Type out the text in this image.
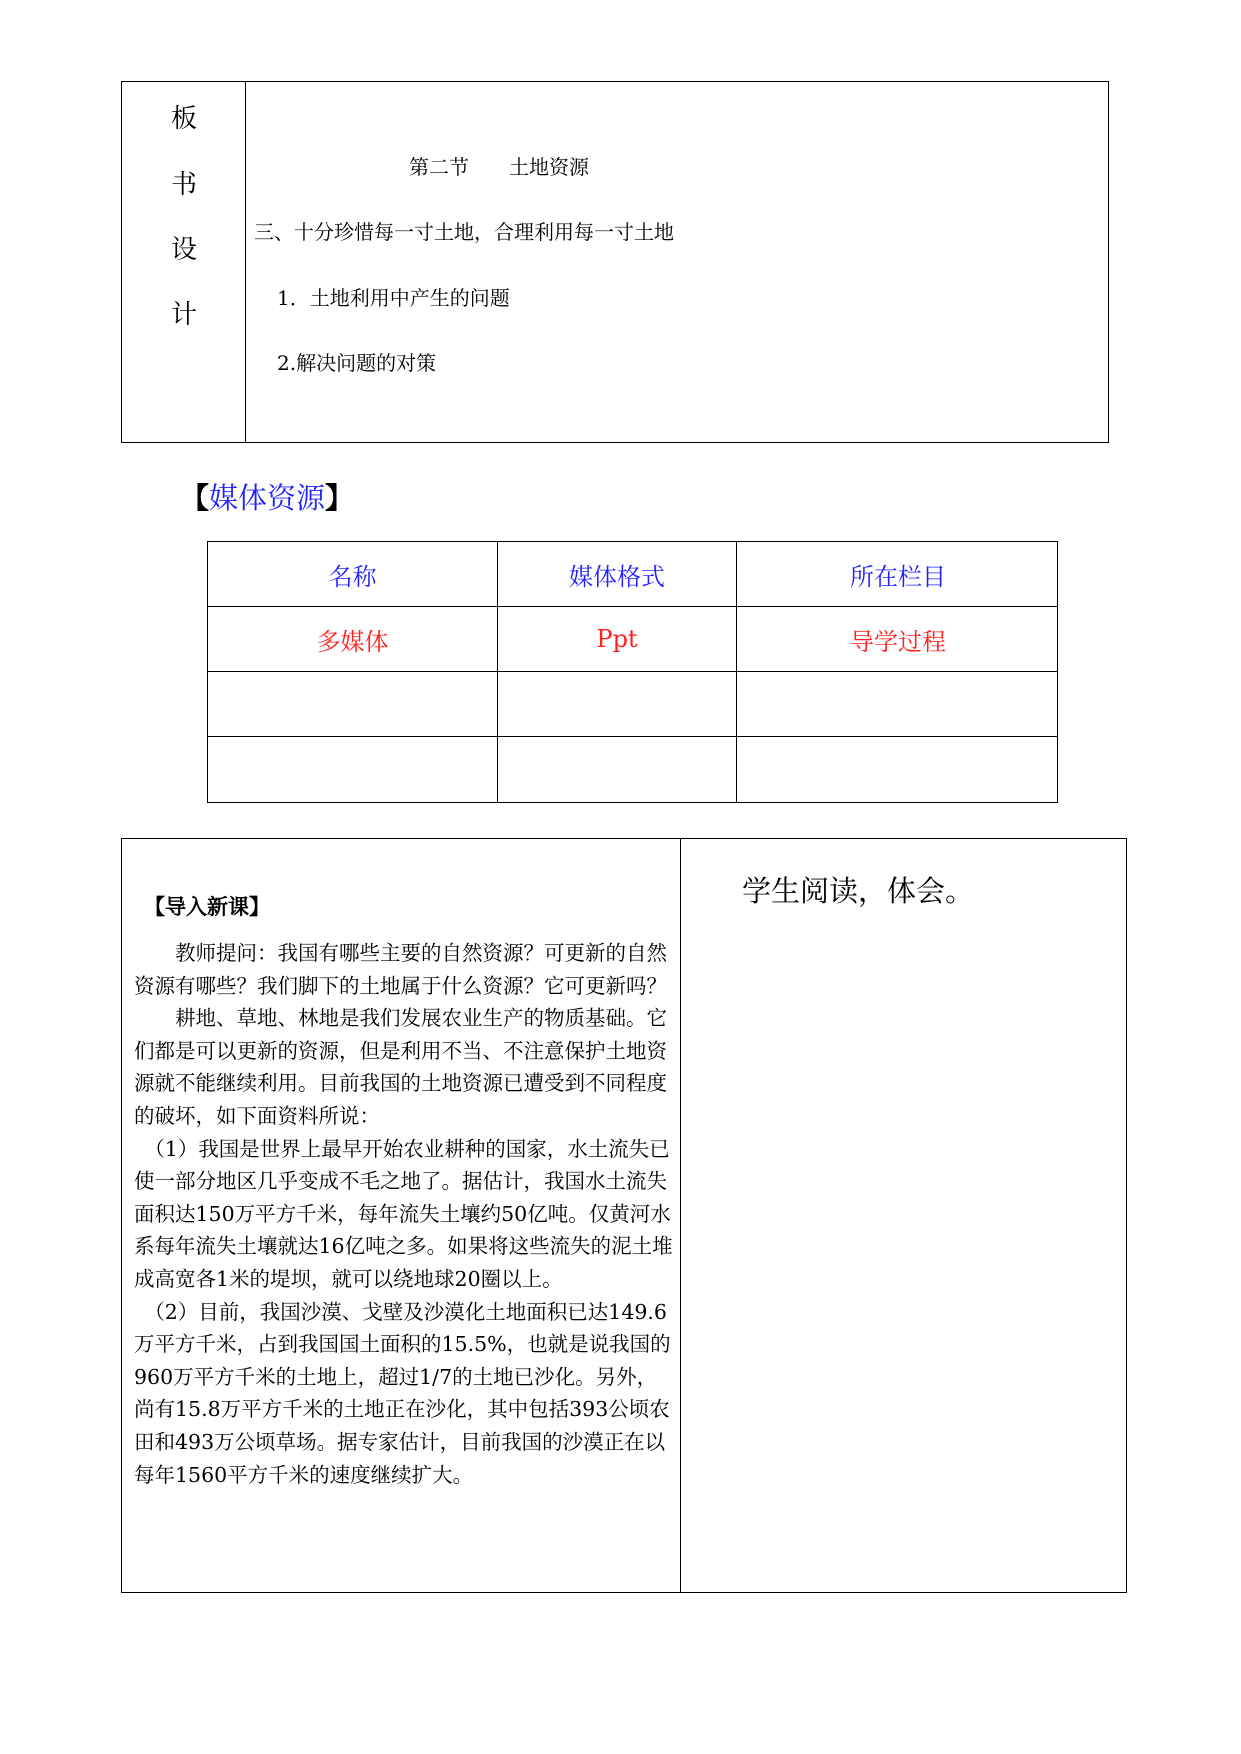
板
书
设
计
第二节　　土地资源
三、十分珍惜每一寸土地，合理利用每一寸土地
1．土地利用中产生的问题
2.解决问题的对策
【媒体资源】
名称	媒体格式	所在栏目
多媒体	Ppt	导学过程
【导入新课】

　　教师提问：我国有哪些主要的自然资源？可更新的自然资源有哪些？我们脚下的土地属于什么资源？它可更新吗？

　　耕地、草地、林地是我们发展农业生产的物质基础。它们都是可以更新的资源，但是利用不当、不注意保护土地资源就不能继续利用。目前我国的土地资源已遭受到不同程度的破坏，如下面资料所说：

　（1）我国是世界上最早开始农业耕种的国家，水土流失已使一部分地区几乎变成不毛之地了。据估计，我国水土流失面积达150万平方千米，每年流失土壤约50亿吨。仅黄河水系每年流失土壤就达16亿吨之多。如果将这些流失的泥土堆成高宽各1米的堤坝，就可以绕地球20圈以上。

　（2）目前，我国沙漠、戈壁及沙漠化土地面积已达149.6万平方千米，占到我国国土面积的15.5%，也就是说我国的960万平方千米的土地上，超过1/7的土地已沙化。另外，尚有15.8万平方千米的土地正在沙化，其中包括393公顷农田和493万公顷草场。据专家估计，目前我国的沙漠正在以每年1560平方千米的速度继续扩大。

学生阅读，体会。
